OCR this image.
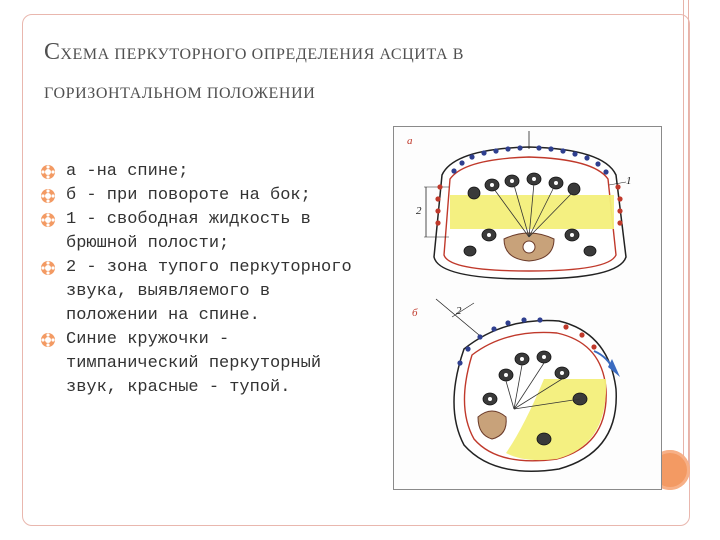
СХЕМА ПЕРКУТОРНОГО ОПРЕДЕЛЕНИЯ АСЦИТА В
ГОРИЗОНТАЛЬНОМ ПОЛОЖЕНИИ
а -на спине;
б - при повороте на бок;
1 - свободная жидкость в брюшной полости;
2 - зона тупого перкуторного звука, выявляемого в положении на спине.
Синие кружочки - тимпанический перкуторный звук, красные - тупой.
а
б
1
2
2
